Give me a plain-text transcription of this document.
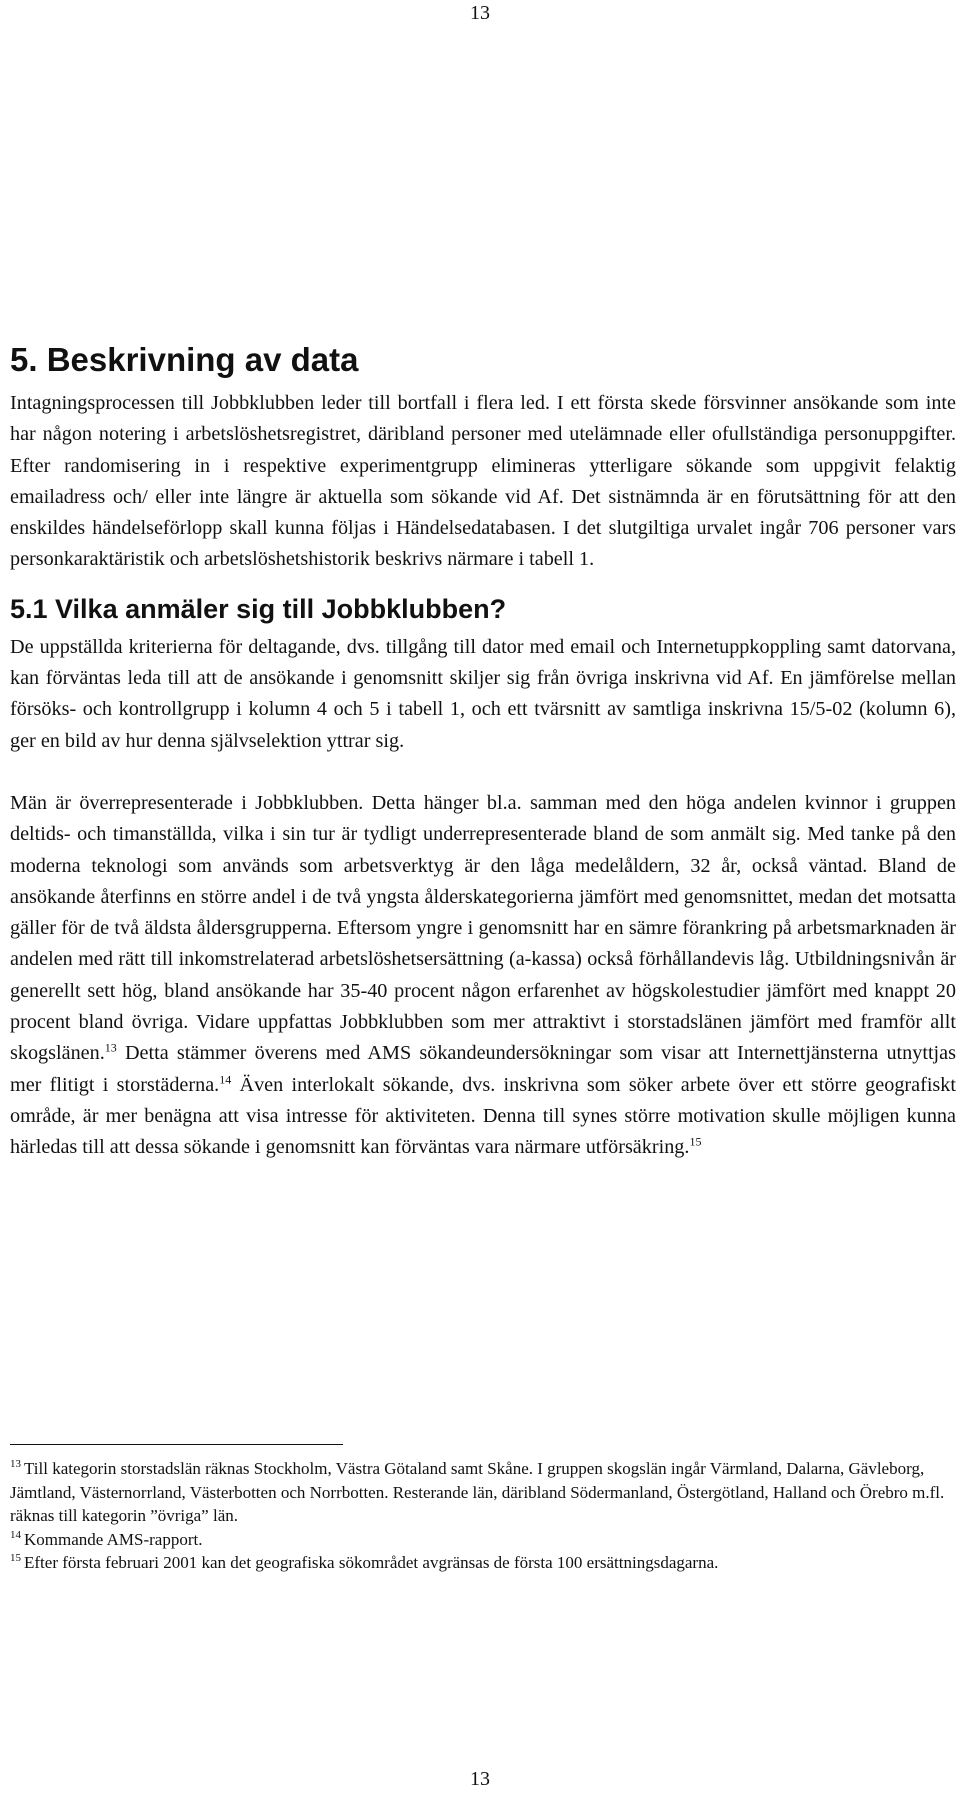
13
5. Beskrivning av data

Intagningsprocessen till Jobbklubben leder till bortfall i flera led. I ett första skede försvinner ansökande som inte har någon notering i arbetslöshetsregistret, däribland personer med utelämnade eller ofullständiga personuppgifter. Efter randomisering in i respektive experimentgrupp elimineras ytterligare sökande som uppgivit felaktig emailadress och/ eller inte längre är aktuella som sökande vid Af. Det sistnämnda är en förutsättning för att den enskildes händelseförlopp skall kunna följas i Händelsedatabasen. I det slutgiltiga urvalet ingår 706 personer vars personkaraktäristik och arbetslöshetshistorik beskrivs närmare i tabell 1.

5.1 Vilka anmäler sig till Jobbklubben?

De uppställda kriterierna för deltagande, dvs. tillgång till dator med email och Internetuppkoppling samt datorvana, kan förväntas leda till att de ansökande i genomsnitt skiljer sig från övriga inskrivna vid Af. En jämförelse mellan försöks- och kontrollgrupp i kolumn 4 och 5 i tabell 1, och ett tvärsnitt av samtliga inskrivna 15/5-02 (kolumn 6), ger en bild av hur denna självselektion yttrar sig.

Män är överrepresenterade i Jobbklubben. Detta hänger bl.a. samman med den höga andelen kvinnor i gruppen deltids- och timanställda, vilka i sin tur är tydligt underrepresenterade bland de som anmält sig. Med tanke på den moderna teknologi som används som arbetsverktyg är den låga medelåldern, 32 år, också väntad. Bland de ansökande återfinns en större andel i de två yngsta ålderskategorierna jämfört med genomsnittet, medan det motsatta gäller för de två äldsta åldersgrupperna. Eftersom yngre i genomsnitt har en sämre förankring på arbetsmarknaden är andelen med rätt till inkomstrelaterad arbetslöshetsersättning (a-kassa) också förhållandevis låg. Utbildningsnivån är generellt sett hög, bland ansökande har 35-40 procent någon erfarenhet av högskolestudier jämfört med knappt 20 procent bland övriga. Vidare uppfattas Jobbklubben som mer attraktivt i storstadslänen jämfört med framför allt skogslänen.$^{13}$ Detta stämmer överens med AMS sökandeundersökningar som visar att Internettjänsterna utnyttjas mer flitigt i storstäderna.$^{14}$ Även interlokalt sökande, dvs. inskrivna som söker arbete över ett större geografiskt område, är mer benägna att visa intresse för aktiviteten. Denna till synes större motivation skulle möjligen kunna härledas till att dessa sökande i genomsnitt kan förväntas vara närmare utförsäkring.$^{15}$

$^{13}$ Till kategorin storstadslän räknas Stockholm, Västra Götaland samt Skåne. I gruppen skogslän ingår Värmland, Dalarna, Gävleborg, Jämtland, Västernorrland, Västerbotten och Norrbotten. Resterande län, däribland Södermanland, Östergötland, Halland och Örebro m.fl. räknas till kategorin ”övriga” län.

$^{14}$ Kommande AMS-rapport.

$^{15}$ Efter första februari 2001 kan det geografiska sökområdet avgränsas de första 100 ersättningsdagarna.

13
